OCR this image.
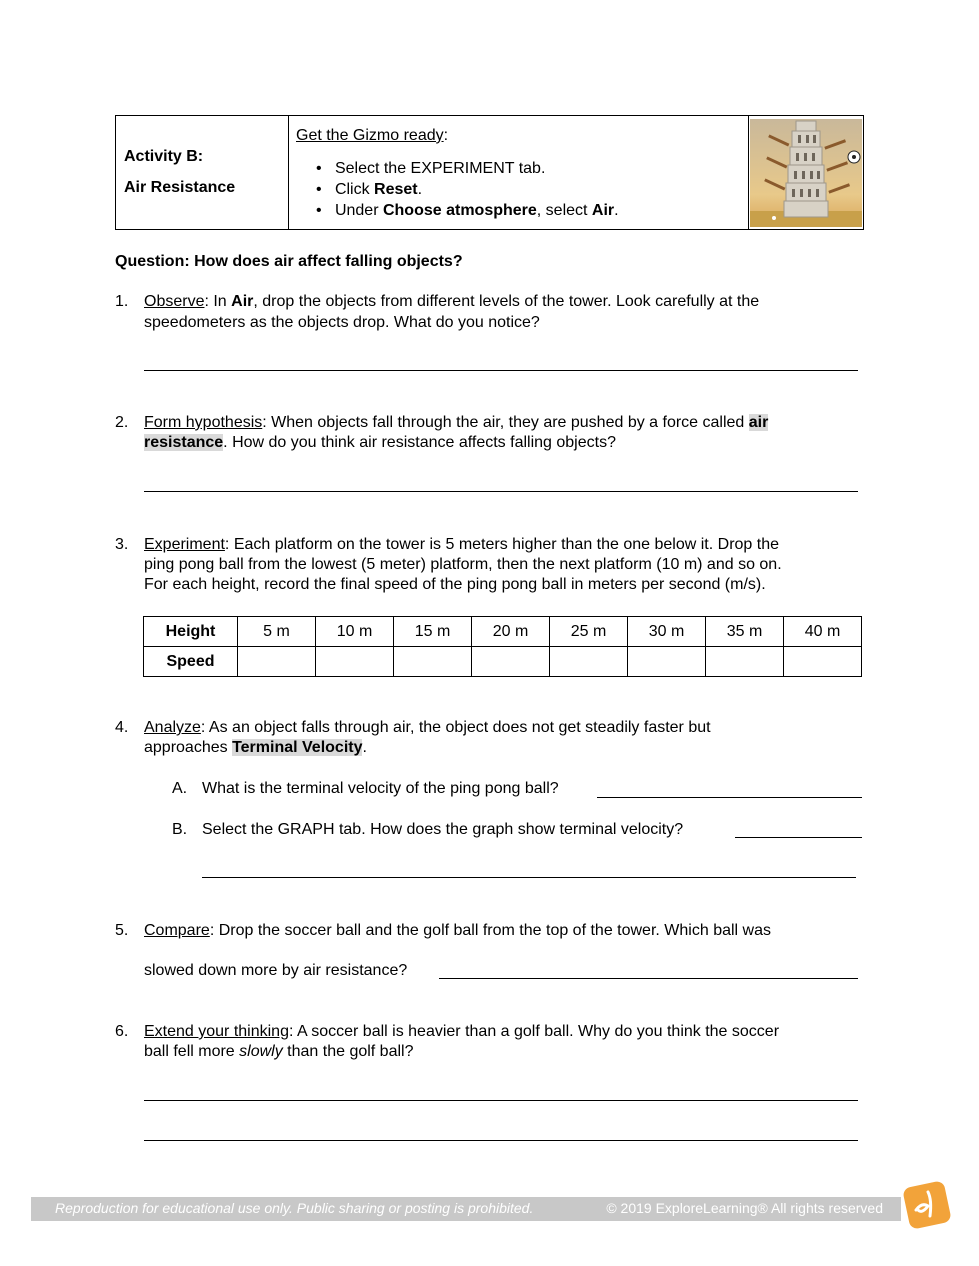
Activity B:
Air Resistance
Get the Gizmo ready:
•   Select the EXPERIMENT tab.
•   Click Reset.
•   Under Choose atmosphere, select Air.
Question: How does air affect falling objects?
1. Observe: In Air, drop the objects from different levels of the tower. Look carefully at the
speedometers as the objects drop. What do you notice?
2. Form hypothesis: When objects fall through the air, they are pushed by a force called air
resistance. How do you think air resistance affects falling objects?
3. Experiment: Each platform on the tower is 5 meters higher than the one below it. Drop the
ping pong ball from the lowest (5 meter) platform, then the next platform (10 m) and so on.
For each height, record the final speed of the ping pong ball in meters per second (m/s).
Height	5 m	10 m	15 m	20 m	25 m	30 m	35 m	40 m
Speed								
4. Analyze: As an object falls through air, the object does not get steadily faster but
approaches Terminal Velocity.
A. What is the terminal velocity of the ping pong ball?
B. Select the GRAPH tab. How does the graph show terminal velocity?
5. Compare: Drop the soccer ball and the golf ball from the top of the tower. Which ball was
slowed down more by air resistance?
6. Extend your thinking: A soccer ball is heavier than a golf ball. Why do you think the soccer
ball fell more slowly than the golf ball?
Reproduction for educational use only. Public sharing or posting is prohibited.	© 2019 ExploreLearning® All rights reserved
